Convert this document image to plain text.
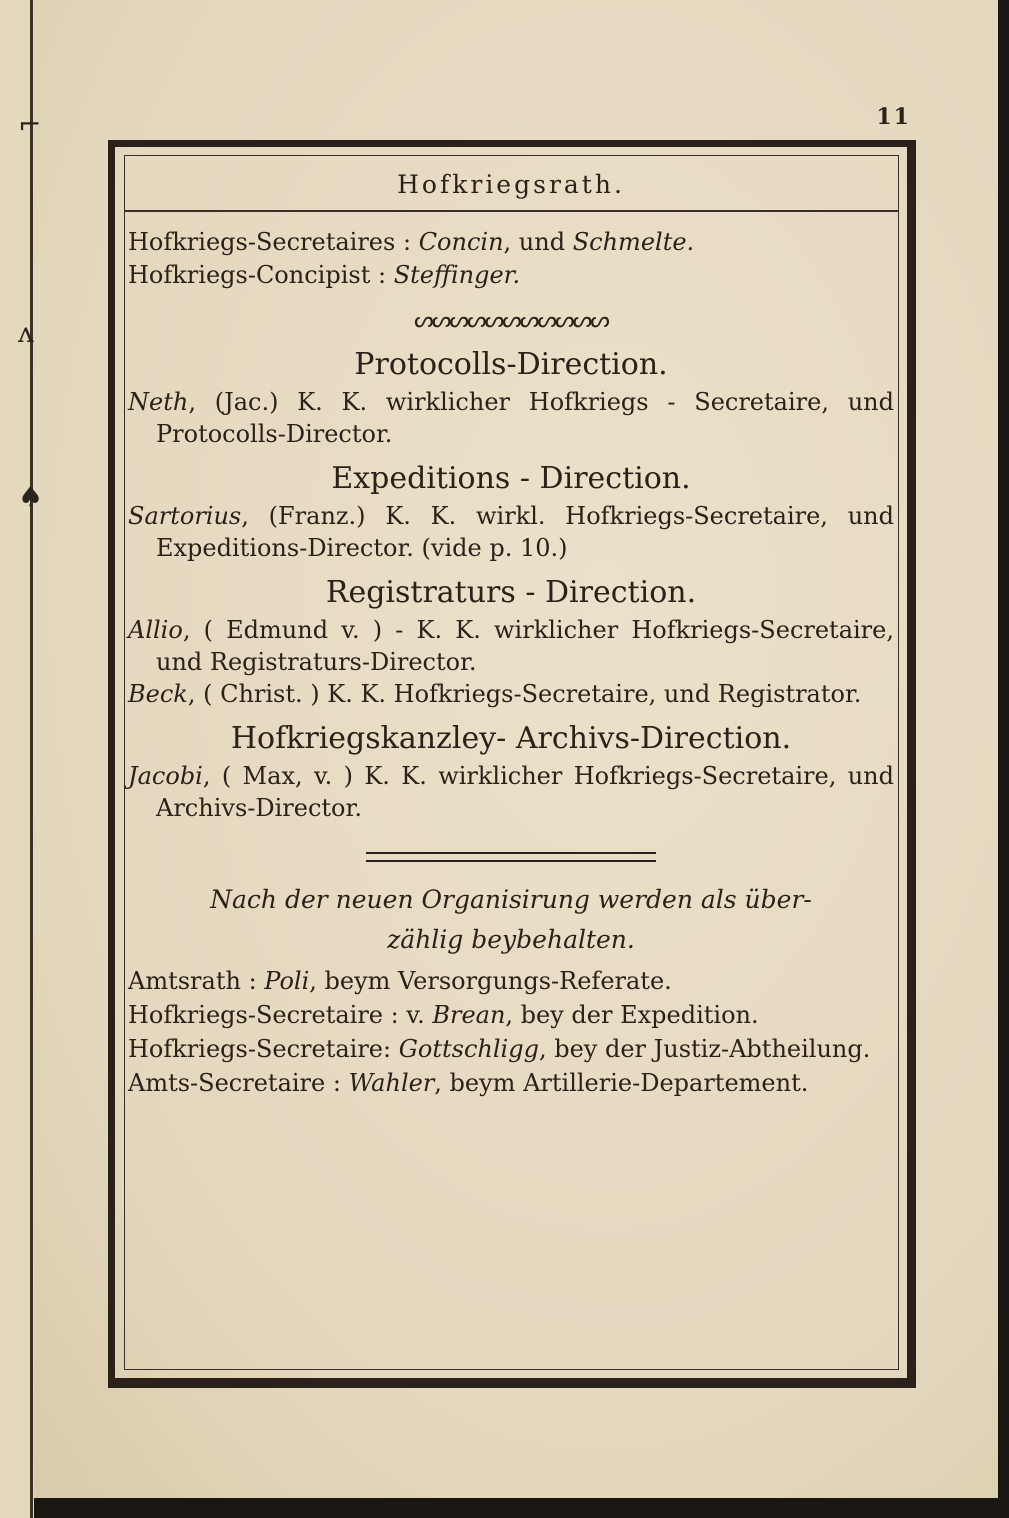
⌐
ʌ
♠
11
Hofkriegsrath.
Hofkriegs-Secretaires : Concin, und Schmelte.
Hofkriegs-Concipist : Steffinger.
ᔕᔕᔕᔕᔕᔕᔕᔕᔕᔕᔕ
Protocolls-Direction.
Neth, (Jac.) K. K. wirklicher Hofkriegs - Secretaire, und Protocolls-Director.
Expeditions - Direction.
Sartorius, (Franz.) K. K. wirkl. Hofkriegs-Secretaire, und Expeditions-Director. (vide p. 10.)
Registraturs - Direction.
Allio, ( Edmund v. ) - K. K. wirklicher Hofkriegs-Secretaire, und Registraturs-Director.
Beck, ( Christ. ) K. K. Hofkriegs-Secretaire, und Registrator.
Hofkriegskanzley- Archivs-Direction.
Jacobi, ( Max, v. ) K. K. wirklicher Hofkriegs-Secretaire, und Archivs-Director.
Nach der neuen Organisirung werden als über-
zählig beybehalten.
Amtsrath : Poli, beym Versorgungs-Referate.
Hofkriegs-Secretaire : v. Brean, bey der Expedition.
Hofkriegs-Secretaire: Gottschligg, bey der Justiz-Abtheilung.
Amts-Secretaire : Wahler, beym Artillerie-Departement.
